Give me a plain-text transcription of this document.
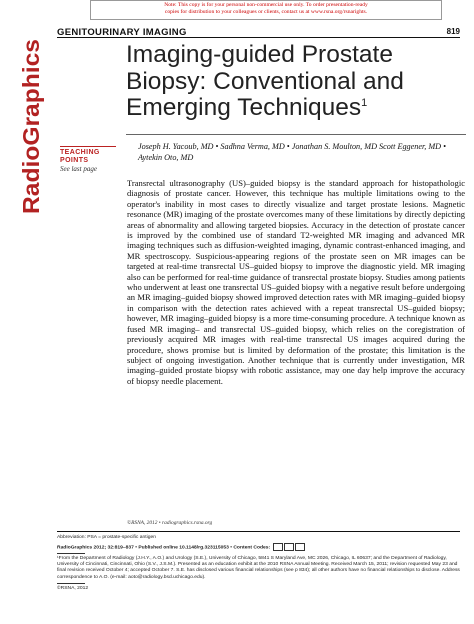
Note: This copy is for your personal non-commercial use only. To order presentation-ready
copies for distribution to your colleagues or clients, contact us at www.rsna.org/rsnarights.
RadioGraphics
GENITOURINARY IMAGING	819
Imaging-guided Prostate Biopsy: Conventional and Emerging Techniques$^1$
TEACHING
POINTS
See last page
Joseph H. Yacoub, MD • Sadhna Verma, MD • Jonathan S. Moulton, MD Scott Eggener, MD • Aytekin Oto, MD

Transrectal ultrasonography (US)–guided biopsy is the standard approach for histopathologic diagnosis of prostate cancer. However, this technique has multiple limitations owing to the operator's inability in most cases to directly visualize and target prostate lesions. Magnetic resonance (MR) imaging of the prostate overcomes many of these limitations by directly depicting areas of abnormality and allowing targeted biopsies. Accuracy in the detection of prostate cancer is improved by the combined use of standard T2-weighted MR imaging and advanced MR imaging techniques such as diffusion-weighted imaging, dynamic contrast-enhanced imaging, and MR spectroscopy. Suspicious-appearing regions of the prostate seen on MR images can be targeted at real-time transrectal US–guided biopsy to improve the diagnostic yield. MR imaging also can be performed for real-time guidance of transrectal prostate biopsy. Studies among patients who underwent at least one transrectal US–guided biopsy with a negative result before undergoing an MR imaging–guided biopsy showed improved detection rates with MR imaging–guided biopsy in comparison with the detection rates achieved with a repeat transrectal US–guided biopsy; however, MR imaging–guided biopsy is a more time-consuming procedure. A technique known as fused MR imaging– and transrectal US–guided biopsy, which relies on the coregistration of previously acquired MR images with real-time transrectal US images acquired during the procedure, shows promise but is limited by deformation of the prostate; this limitation is the subject of ongoing investigation. Another technique that is currently under investigation, MR imaging–guided prostate biopsy with robotic assistance, may one day help improve the accuracy of biopsy needle placement.

©RSNA, 2012 • radiographics.rsna.org

Abbreviation: PSA = prostate-specific antigen

RadioGraphics 2012; 32:819–837 • Published online 10.1148/rg.323115053 • Content Codes:

¹From the Department of Radiology (J.H.Y., A.O.) and Urology (S.E.), University of Chicago, 5841 S Maryland Ave, MC 2026, Chicago, IL 60637; and the Department of Radiology, University of Cincinnati, Cincinnati, Ohio (S.V., J.S.M.). Presented as an education exhibit at the 2010 RSNA Annual Meeting. Received March 15, 2011; revision requested May 23 and final revision received October 4; accepted October 7. S.E. has disclosed various financial relationships (see p 834); all other authors have no financial relationships to disclose. Address correspondence to A.O. (e-mail: aoto@radiology.bsd.uchicago.edu).

©RSNA, 2012
